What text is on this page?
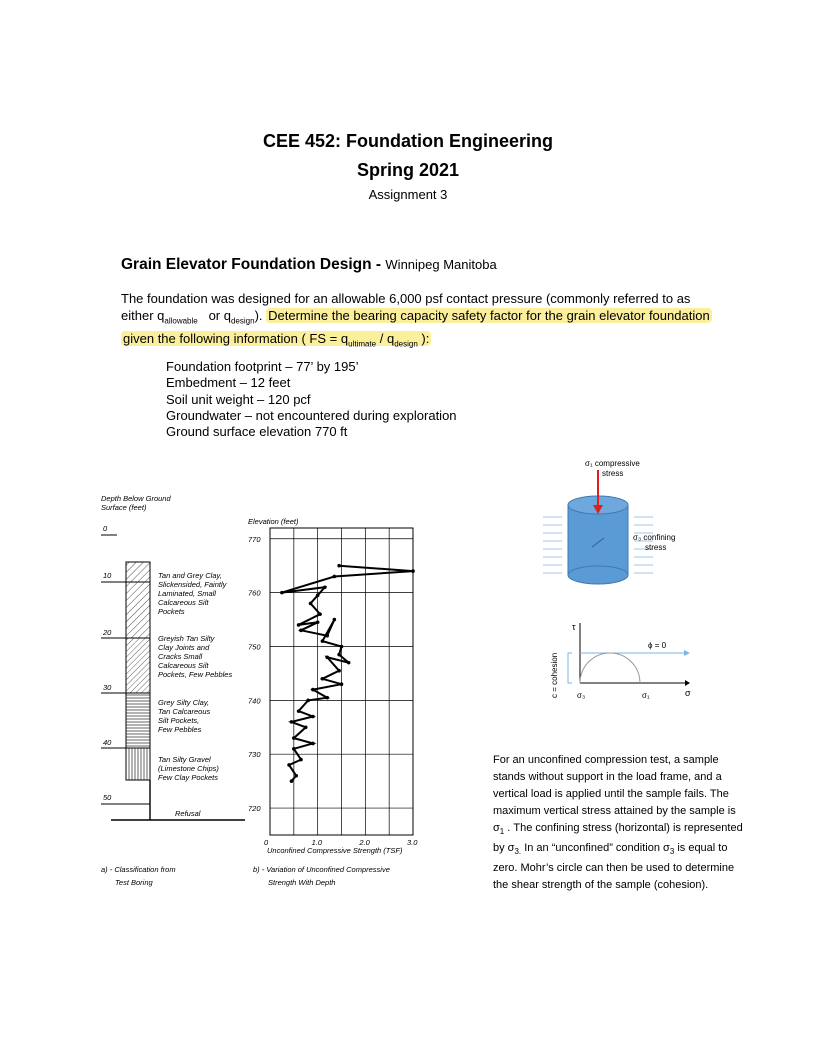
CEE 452: Foundation Engineering
Spring 2021
Assignment 3
Grain Elevator Foundation Design - Winnipeg Manitoba
The foundation was designed for an allowable 6,000 psf contact pressure (commonly referred to as
either $q_{allowable}$ or $q_{design}$). Determine the bearing capacity safety factor for the grain elevator foundation
given the following information ( FS = $q_{ultimate} / q_{design}$ ):
Foundation footprint – 77’ by 195’
Embedment – 12 feet
Soil unit weight – 120 pcf
Groundwater – not encountered during exploration
Ground surface elevation 770 ft
Depth Below Ground
Surface (feet)
0
10
20
30
40
50
Refusal
Tan and Grey Clay,
Slickensided, Faintly
Laminated, Small
Calcareous Silt
Pockets
Greyish Tan Silty
Clay Joints and
Cracks Small
Calcareous Silt
Pockets, Few Pebbles
Grey Silty Clay,
Tan Calcareous
Silt Pockets,
Few Pebbles
Tan Silty Gravel
(Limestone Chips)
Few Clay Pockets
a) - Classification from
Test Boring
Elevation (feet)
770
760
750
740
730
720
0	1.0	2.0	3.0
Unconfined Compressive Strength (TSF)
b) - Variation of Unconfined Compressive
Strength With Depth
σ₁ compressive
stress
σ₃ confining
stress
τ
ϕ = 0
c = cohesion σ₃	σ₁	σ
For an unconfined compression test, a sample
stands without support in the load frame, and a
vertical load is applied until the sample fails. The
maximum vertical stress attained by the sample is
$\sigma_1$ . The confining stress (horizontal) is represented
by $\sigma_{3.}$ In an “unconfined” condition $\sigma_3$ is equal to
zero. Mohr’s circle can then be used to determine
the shear strength of the sample (cohesion).
